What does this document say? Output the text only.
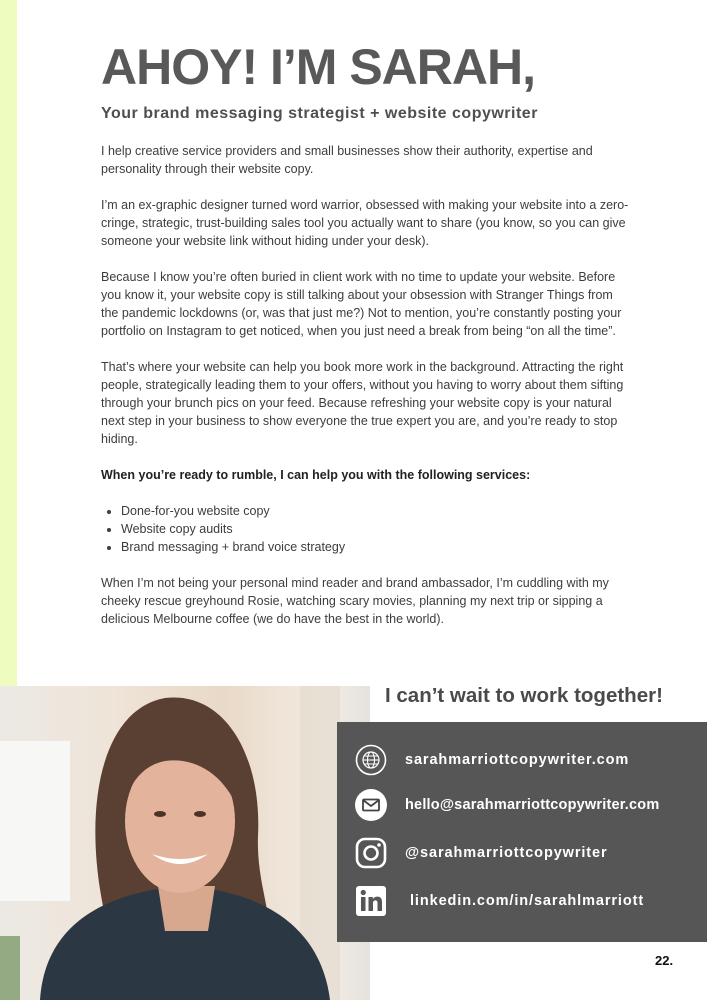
AHOY! I’M SARAH,
Your brand messaging strategist + website copywriter

I help creative service providers and small businesses show their authority, expertise and personality through their website copy.

I’m an ex-graphic designer turned word warrior, obsessed with making your website into a zero-cringe, strategic, trust-building sales tool you actually want to share (you know, so you can give someone your website link without hiding under your desk).

Because I know you’re often buried in client work with no time to update your website. Before you know it, your website copy is still talking about your obsession with Stranger Things from the pandemic lockdowns (or, was that just me?) Not to mention, you’re constantly posting your portfolio on Instagram to get noticed, when you just need a break from being “on all the time”.

That’s where your website can help you book more work in the background. Attracting the right people, strategically leading them to your offers, without you having to worry about them sifting through your brunch pics on your feed. Because refreshing your website copy is your natural next step in your business to show everyone the true expert you are, and you’re ready to stop hiding.

When you’re ready to rumble, I can help you with the following services:

• Done-for-you website copy
• Website copy audits
• Brand messaging + brand voice strategy

When I’m not being your personal mind reader and brand ambassador, I’m cuddling with my cheeky rescue greyhound Rosie, watching scary movies, planning my next trip or sipping a delicious Melbourne coffee (we do have the best in the world).

I can’t wait to work together!
sarahmarriottcopywriter.com
hello@sarahmarriottcopywriter.com
@sarahmarriottcopywriter
linkedin.com/in/sarahlmarriott
22.
